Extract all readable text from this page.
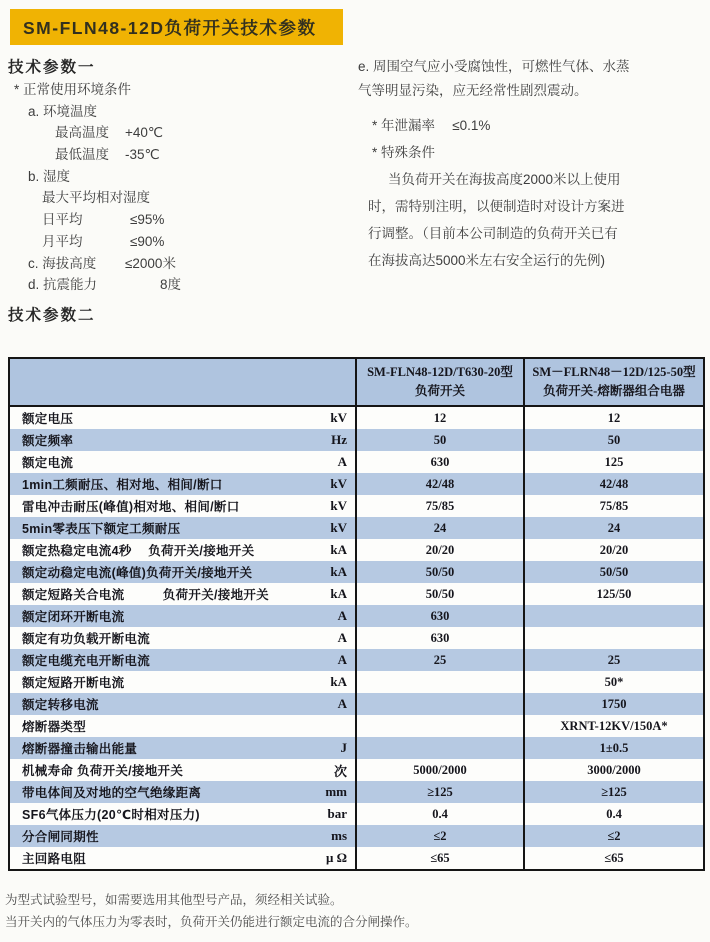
SM-FLN48-12D负荷开关技术参数
技术参数一
* 正常使用环境条件
a. 环境温度
最高温度 +40℃
最低温度 -35℃
b. 湿度
最大平均相对湿度
日平均	≤95%
月平均	≤90%
c. 海拔高度 ≤2000米
d. 抗震能力	8度
e. 周围空气应小受腐蚀性，可燃性气体、水蒸
气等明显污染，应无经常性剧烈震动。
* 年泄漏率　 ≤0.1%
* 特殊条件
当负荷开关在海拔高度2000米以上使用
时，需特别注明，以便制造时对设计方案进
行调整。（目前本公司制造的负荷开关已有
在海拔高达5000米左右安全运行的先例)
技术参数二

SM-FLN48-12D/T630-20型
负荷开关

SM－FLRN48－12D/125-50型
负荷开关-熔断器组合电器

额定电压 kV	12	12

额定频率 Hz	50	50

额定电流 A	630	125

1min工频耐压、相对地、相间/断口 kV	42/48	42/48

雷电冲击耐压(峰值)相对地、相间/断口 kV	75/85	75/85

5min零表压下额定工频耐压 kV	24	24

额定热稳定电流4秒　 负荷开关/接地开关 kA	20/20	20/20

额定动稳定电流(峰值)负荷开关/接地开关 kA	50/50	50/50

额定短路关合电流　　　负荷开关/接地开关 kA	50/50	125/50

额定闭环开断电流 A	630	

额定有功负载开断电流 A	630	

额定电缆充电开断电流 A	25	25

额定短路开断电流 kA		50*

额定转移电流 A		1750

熔断器类型		XRNT-12KV/150A*

熔断器撞击输出能量 J		1±0.5

机械寿命 负荷开关/接地开关 次	5000/2000	3000/2000

带电体间及对地的空气绝缘距离 mm	≥125	≥125

SF6气体压力(20℃时相对压力) bar	0.4	0.4

分合闸同期性 ms	≤2	≤2

主回路电阻 μ Ω	≤65	≤65
为型式试验型号，如需要选用其他型号产品，须经相关试验。
当开关内的气体压力为零表时，负荷开关仍能进行额定电流的合分闸操作。
